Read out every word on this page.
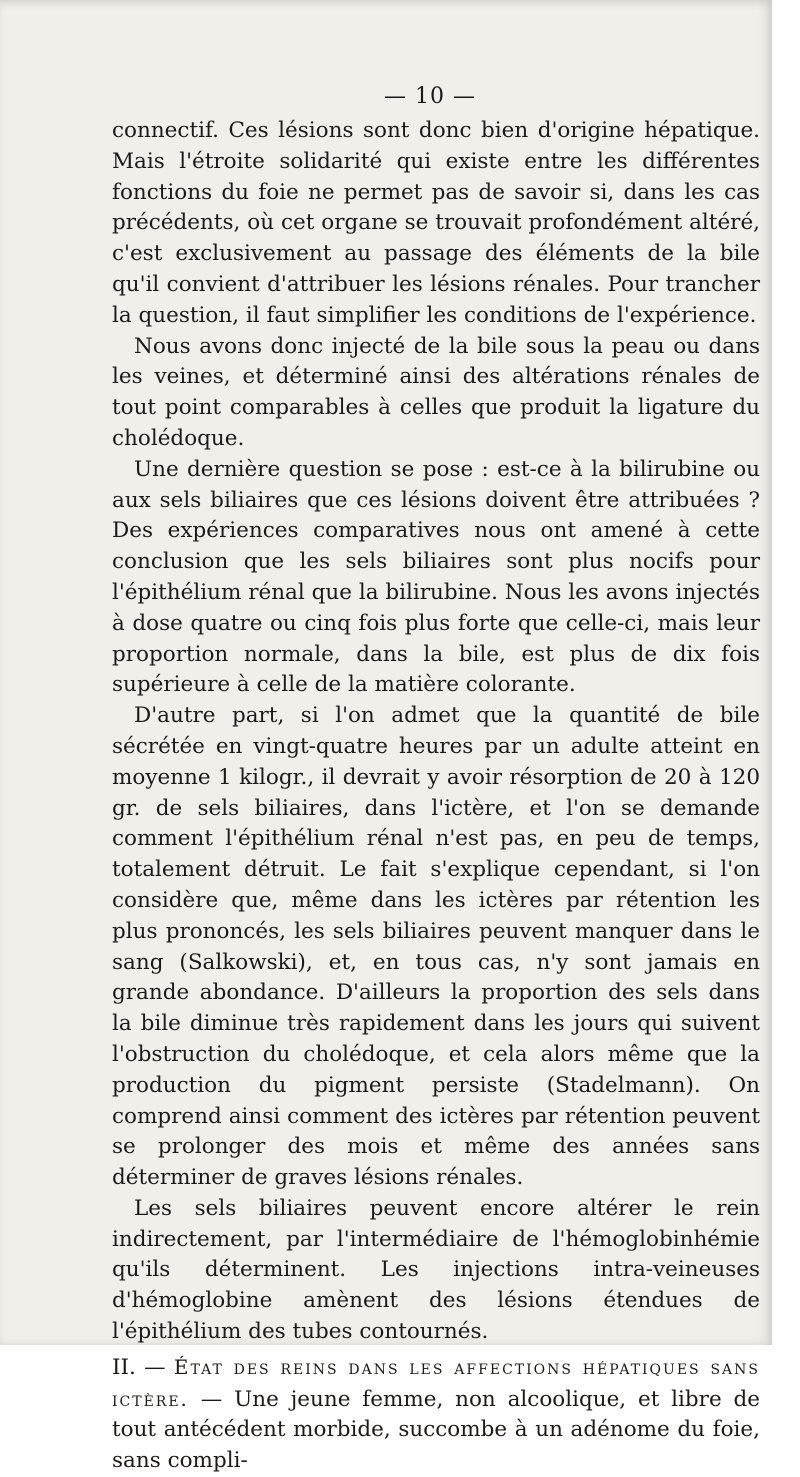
— 10 —

connectif. Ces lésions sont donc bien d'origine hépatique. Mais l'étroite solidarité qui existe entre les différentes fonctions du foie ne permet pas de savoir si, dans les cas précédents, où cet organe se trouvait profondément altéré, c'est exclusivement au passage des éléments de la bile qu'il convient d'attribuer les lésions rénales. Pour trancher la question, il faut simplifier les conditions de l'expérience.

Nous avons donc injecté de la bile sous la peau ou dans les veines, et déterminé ainsi des altérations rénales de tout point comparables à celles que produit la ligature du cholédoque.

Une dernière question se pose : est-ce à la bilirubine ou aux sels biliaires que ces lésions doivent être attribuées ? Des expériences comparatives nous ont amené à cette conclusion que les sels biliaires sont plus nocifs pour l'épithélium rénal que la bilirubine. Nous les avons injectés à dose quatre ou cinq fois plus forte que celle-ci, mais leur proportion normale, dans la bile, est plus de dix fois supérieure à celle de la matière colorante.

D'autre part, si l'on admet que la quantité de bile sécrétée en vingt-quatre heures par un adulte atteint en moyenne 1 kilogr., il devrait y avoir résorption de 20 à 120 gr. de sels biliaires, dans l'ictère, et l'on se demande comment l'épithélium rénal n'est pas, en peu de temps, totalement détruit. Le fait s'explique cependant, si l'on considère que, même dans les ictères par rétention les plus prononcés, les sels biliaires peuvent manquer dans le sang (Salkowski), et, en tous cas, n'y sont jamais en grande abondance. D'ailleurs la proportion des sels dans la bile diminue très rapidement dans les jours qui suivent l'obstruction du cholédoque, et cela alors même que la production du pigment persiste (Stadelmann). On comprend ainsi comment des ictères par rétention peuvent se prolonger des mois et même des années sans déterminer de graves lésions rénales.

Les sels biliaires peuvent encore altérer le rein indirectement, par l'intermédiaire de l'hémoglobinhémie qu'ils déterminent. Les injections intra-veineuses d'hémoglobine amènent des lésions étendues de l'épithélium des tubes contournés.

II. — État des reins dans les affections hépatiques sans ictère. — Une jeune femme, non alcoolique, et libre de tout antécédent morbide, succombe à un adénome du foie, sans compli-
